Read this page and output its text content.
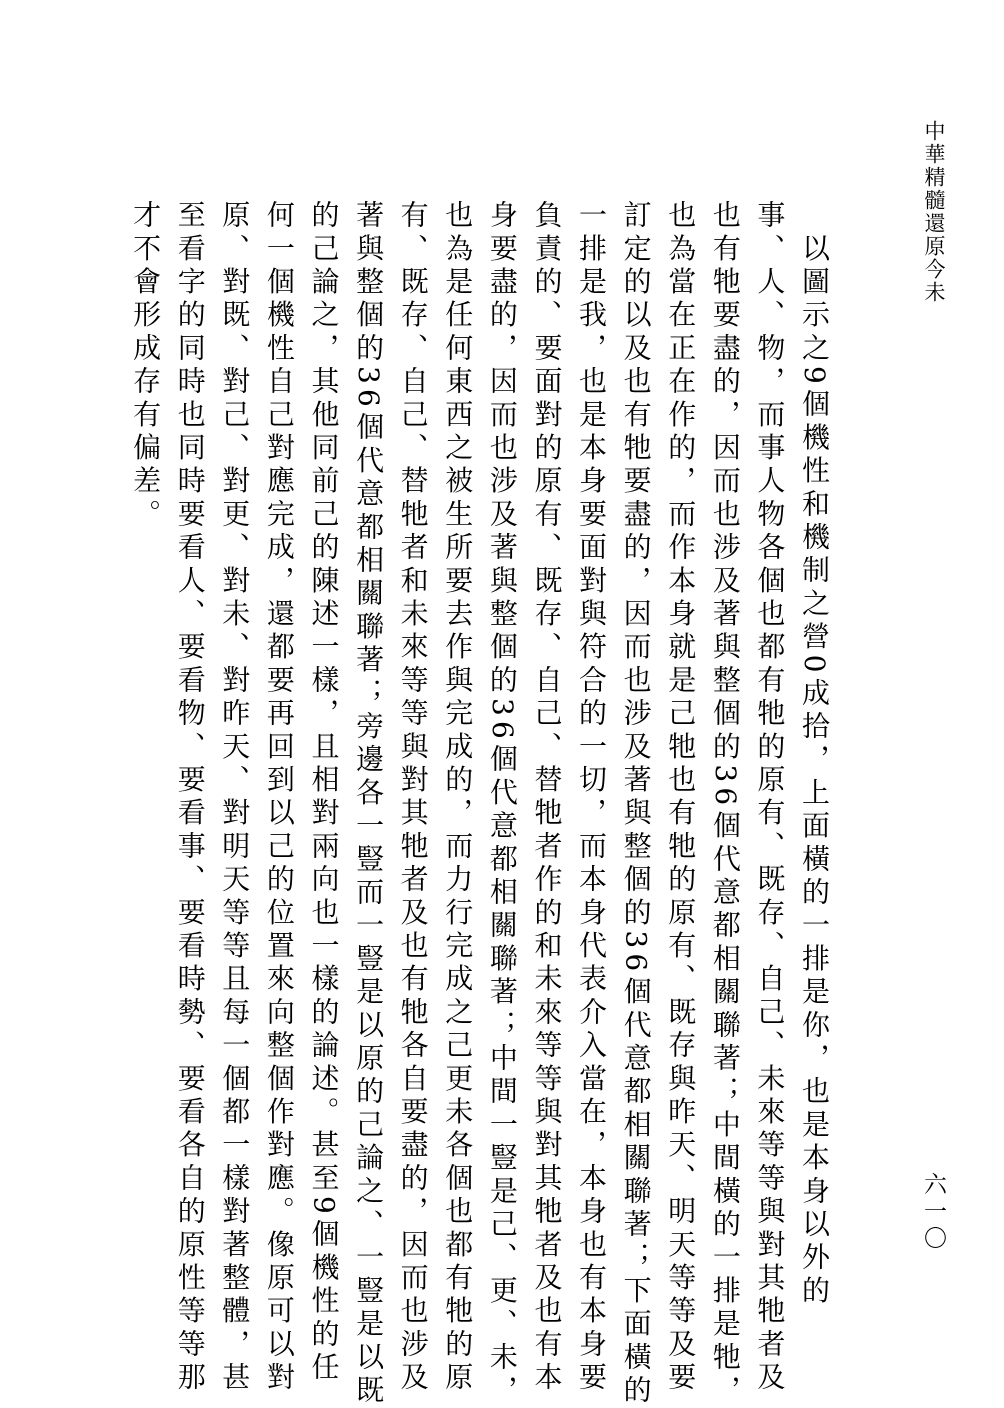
中華精髓還原今未
　以圖示之9個機性和機制之營0成拾，上面橫的一排是你，也是本身以外的
事、人、物，而事人物各個也都有牠的原有、既存、自己、未來等等與對其牠者及
也有牠要盡的，因而也涉及著與整個的36個代意都相關聯著；中間橫的一排是牠，
也為當在正在作的，而作本身就是己牠也有牠的原有、既存與昨天、明天等等及要
訂定的以及也有牠要盡的，因而也涉及著與整個的36個代意都相關聯著；下面橫的
一排是我，也是本身要面對與符合的一切，而本身代表介入當在，本身也有本身要
負責的、要面對的原有、既存、自己、替牠者作的和未來等等與對其牠者及也有本
身要盡的，因而也涉及著與整個的36個代意都相關聯著；中間一豎是己、更、未，
也為是任何東西之被生所要去作與完成的，而力行完成之己更未各個也都有牠的原
有、既存、自己、替牠者和未來等等與對其牠者及也有牠各自要盡的，因而也涉及
著與整個的36個代意都相關聯著；旁邊各一豎而一豎是以原的己論之、一豎是以既
的己論之，其他同前己的陳述一樣，且相對兩向也一樣的論述。甚至9個機性的任
何一個機性自己對應完成，還都要再回到以己的位置來向整個作對應。像原可以對
原、對既、對己、對更、對未、對昨天、對明天等等且每一個都一樣對著整體，甚
至看字的同時也同時要看人、要看物、要看事、要看時勢、要看各自的原性等等那
才不會形成存有偏差。
六一〇
